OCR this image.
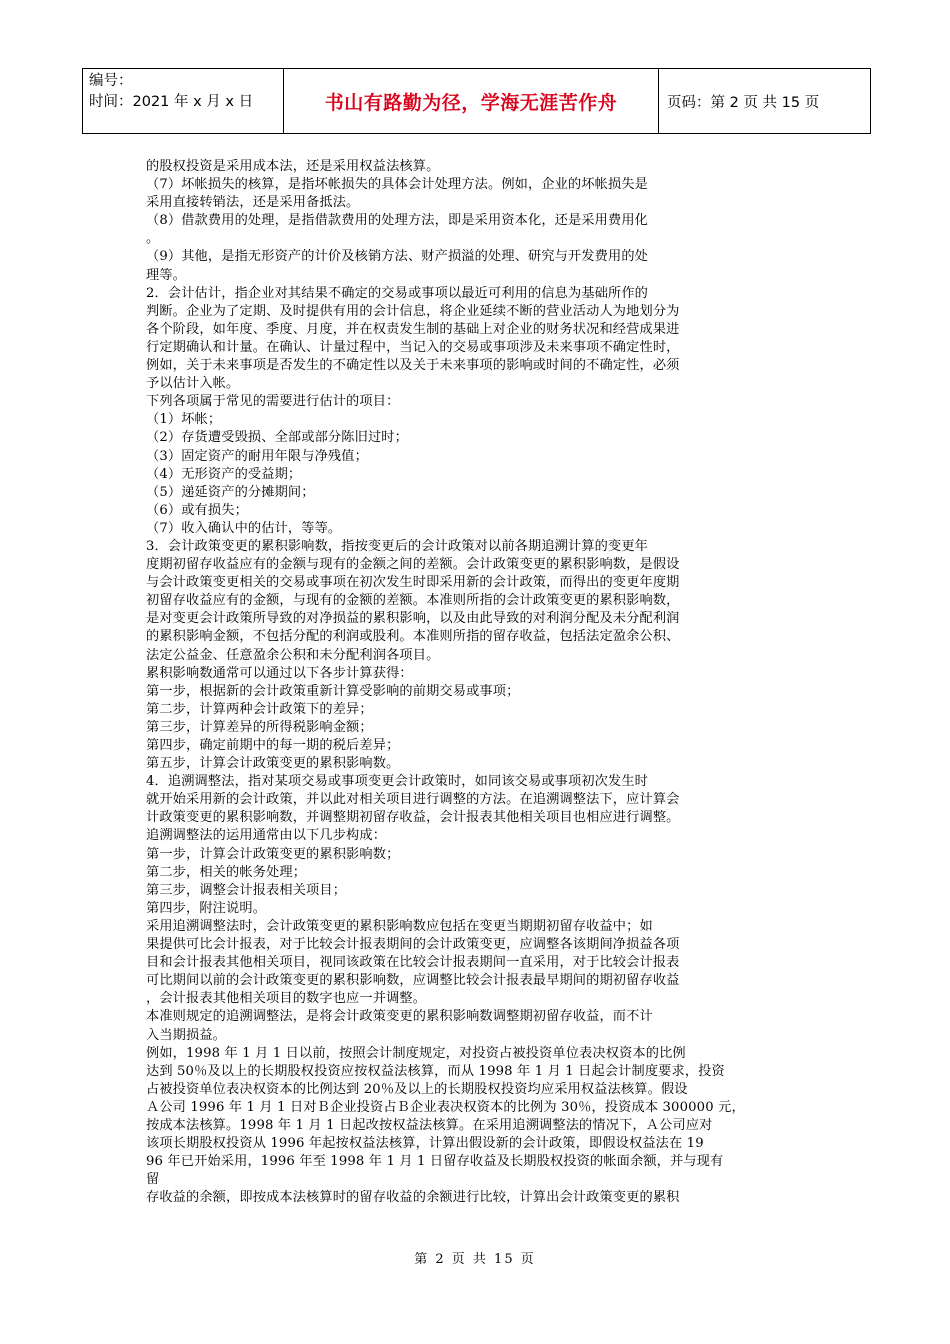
编号：
时间：2021 年 x 月 x 日	书山有路勤为径，学海无涯苦作舟	页码：第 2 页 共 15 页
的股权投资是采用成本法，还是采用权益法核算。
（7）坏帐损失的核算，是指坏帐损失的具体会计处理方法。例如，企业的坏帐损失是
采用直接转销法，还是采用备抵法。
（8）借款费用的处理，是指借款费用的处理方法，即是采用资本化，还是采用费用化
。
（9）其他，是指无形资产的计价及核销方法、财产损溢的处理、研究与开发费用的处
理等。
2．会计估计，指企业对其结果不确定的交易或事项以最近可利用的信息为基础所作的
判断。企业为了定期、及时提供有用的会计信息，将企业延续不断的营业活动人为地划分为
各个阶段，如年度、季度、月度，并在权责发生制的基础上对企业的财务状况和经营成果进
行定期确认和计量。在确认、计量过程中，当记入的交易或事项涉及未来事项不确定性时，
例如，关于未来事项是否发生的不确定性以及关于未来事项的影响或时间的不确定性，必须
予以估计入帐。
下列各项属于常见的需要进行估计的项目：
（1）坏帐；
（2）存货遭受毁损、全部或部分陈旧过时；
（3）固定资产的耐用年限与净残值；
（4）无形资产的受益期；
（5）递延资产的分摊期间；
（6）或有损失；
（7）收入确认中的估计，等等。
3．会计政策变更的累积影响数，指按变更后的会计政策对以前各期追溯计算的变更年
度期初留存收益应有的金额与现有的金额之间的差额。会计政策变更的累积影响数，是假设
与会计政策变更相关的交易或事项在初次发生时即采用新的会计政策，而得出的变更年度期
初留存收益应有的金额，与现有的金额的差额。本准则所指的会计政策变更的累积影响数，
是对变更会计政策所导致的对净损益的累积影响，以及由此导致的对利润分配及未分配利润
的累积影响金额，不包括分配的利润或股利。本准则所指的留存收益，包括法定盈余公积、
法定公益金、任意盈余公积和未分配利润各项目。
累积影响数通常可以通过以下各步计算获得：
第一步，根据新的会计政策重新计算受影响的前期交易或事项；
第二步，计算两种会计政策下的差异；
第三步，计算差异的所得税影响金额；
第四步，确定前期中的每一期的税后差异；
第五步，计算会计政策变更的累积影响数。
4．追溯调整法，指对某项交易或事项变更会计政策时，如同该交易或事项初次发生时
就开始采用新的会计政策，并以此对相关项目进行调整的方法。在追溯调整法下，应计算会
计政策变更的累积影响数，并调整期初留存收益，会计报表其他相关项目也相应进行调整。
追溯调整法的运用通常由以下几步构成：
第一步，计算会计政策变更的累积影响数；
第二步，相关的帐务处理；
第三步，调整会计报表相关项目；
第四步，附注说明。
采用追溯调整法时，会计政策变更的累积影响数应包括在变更当期期初留存收益中；如
果提供可比会计报表，对于比较会计报表期间的会计政策变更，应调整各该期间净损益各项
目和会计报表其他相关项目，视同该政策在比较会计报表期间一直采用，对于比较会计报表
可比期间以前的会计政策变更的累积影响数，应调整比较会计报表最早期间的期初留存收益
，会计报表其他相关项目的数字也应一并调整。
本准则规定的追溯调整法，是将会计政策变更的累积影响数调整期初留存收益，而不计
入当期损益。
例如，1998 年 1 月 1 日以前，按照会计制度规定，对投资占被投资单位表决权资本的比例
达到 50％及以上的长期股权投资应按权益法核算，而从 1998 年 1 月 1 日起会计制度要求，投资
占被投资单位表决权资本的比例达到 20％及以上的长期股权投资均应采用权益法核算。假设
Ａ公司 1996 年 1 月 1 日对Ｂ企业投资占Ｂ企业表决权资本的比例为 30％，投资成本 300000 元，
按成本法核算。1998 年 1 月 1 日起改按权益法核算。在采用追溯调整法的情况下，Ａ公司应对
该项长期股权投资从 1996 年起按权益法核算，计算出假设新的会计政策，即假设权益法在 19
96 年已开始采用，1996 年至 1998 年 1 月 1 日留存收益及长期股权投资的帐面余额，并与现有
留
存收益的余额，即按成本法核算时的留存收益的余额进行比较，计算出会计政策变更的累积
第 2 页 共 15 页
